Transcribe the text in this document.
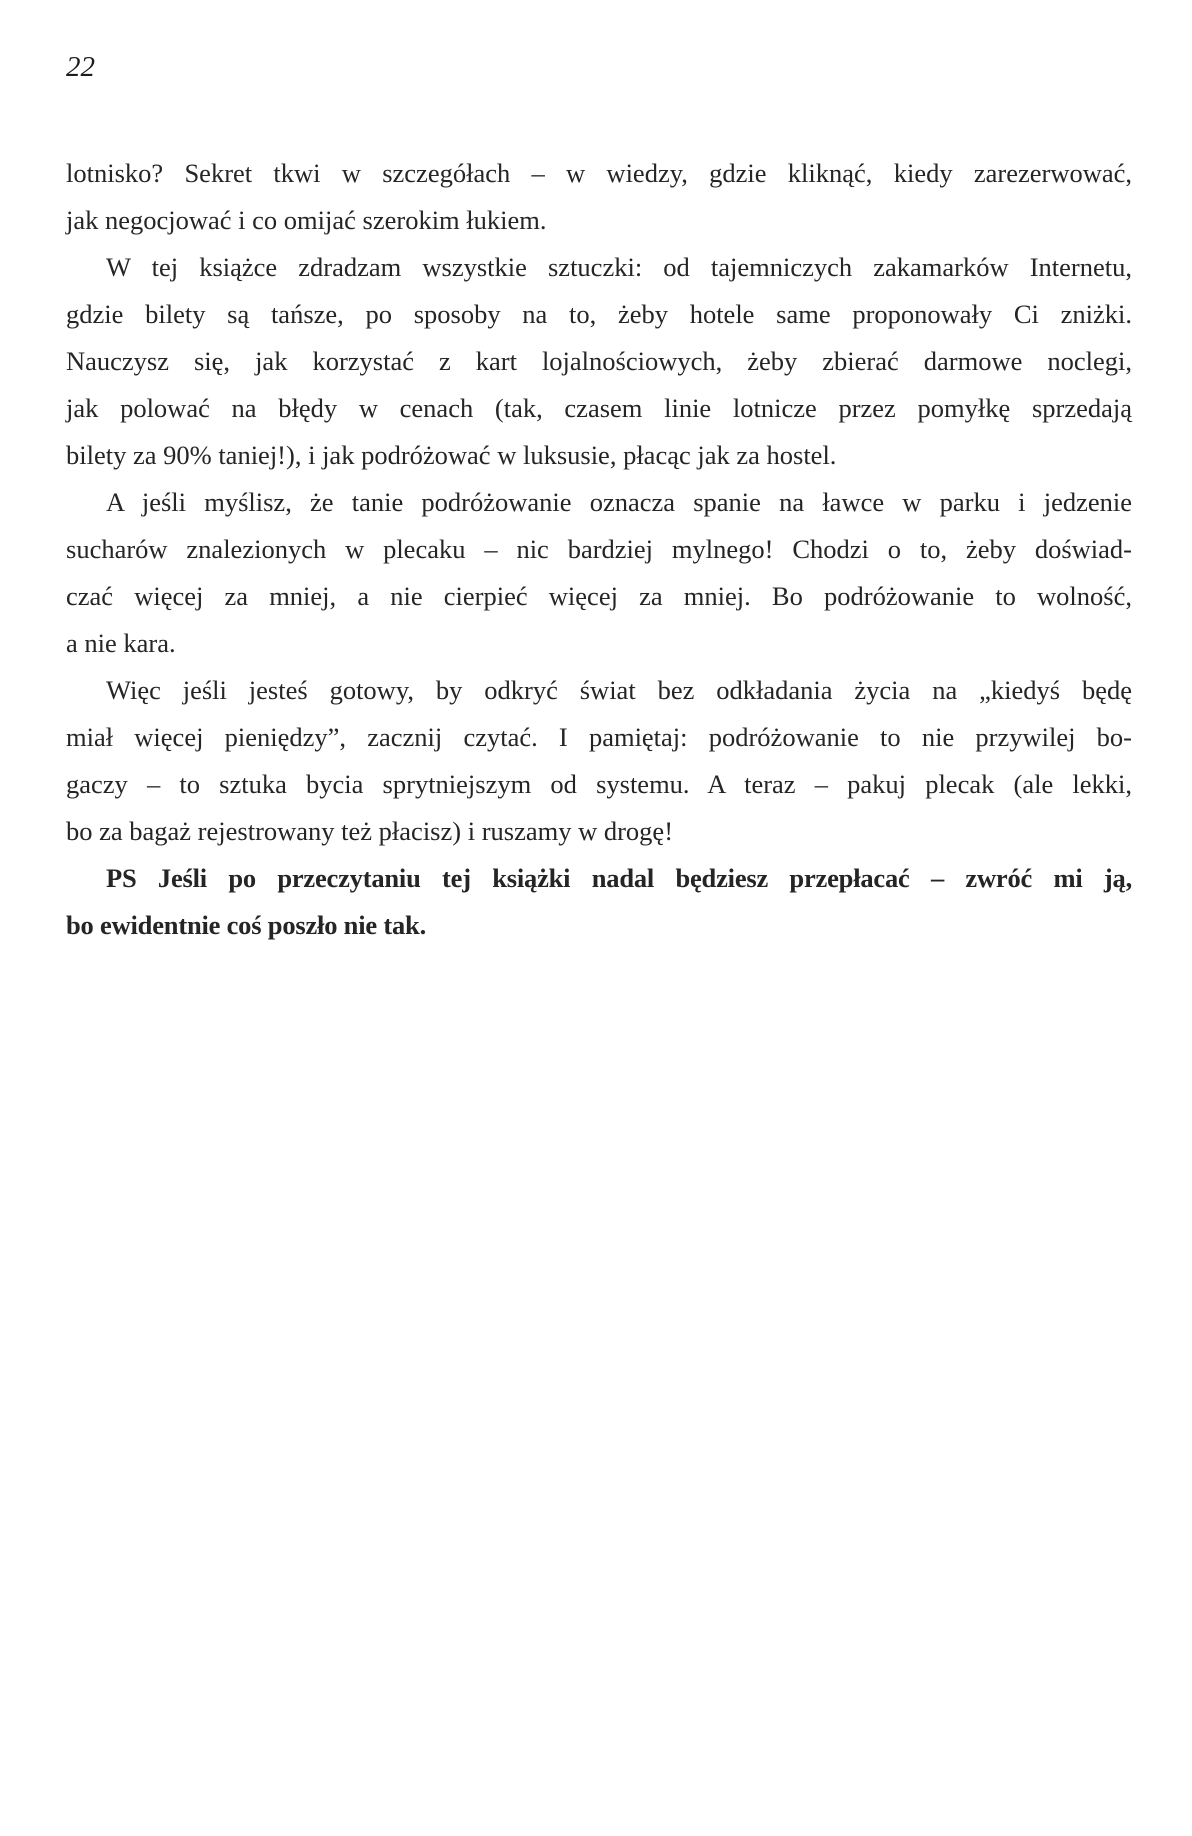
22

lotnisko? Sekret tkwi w szczegółach – w wiedzy, gdzie kliknąć, kiedy zarezerwować,
jak negocjować i co omijać szerokim łukiem.

W tej książce zdradzam wszystkie sztuczki: od tajemniczych zakamarków Internetu,
gdzie bilety są tańsze, po sposoby na to, żeby hotele same proponowały Ci zniżki.
Nauczysz się, jak korzystać z kart lojalnościowych, żeby zbierać darmowe noclegi,
jak polować na błędy w cenach (tak, czasem linie lotnicze przez pomyłkę sprzedają
bilety za 90% taniej!), i jak podróżować w luksusie, płacąc jak za hostel.

A jeśli myślisz, że tanie podróżowanie oznacza spanie na ławce w parku i jedzenie
sucharów znalezionych w plecaku – nic bardziej mylnego! Chodzi o to, żeby doświad-
czać więcej za mniej, a nie cierpieć więcej za mniej. Bo podróżowanie to wolność,
a nie kara.

Więc jeśli jesteś gotowy, by odkryć świat bez odkładania życia na „kiedyś będę
miał więcej pieniędzy”, zacznij czytać. I pamiętaj: podróżowanie to nie przywilej bo-
gaczy – to sztuka bycia sprytniejszym od systemu. A teraz – pakuj plecak (ale lekki,
bo za bagaż rejestrowany też płacisz) i ruszamy w drogę!

PS Jeśli po przeczytaniu tej książki nadal będziesz przepłacać – zwróć mi ją,
bo ewidentnie coś poszło nie tak.
